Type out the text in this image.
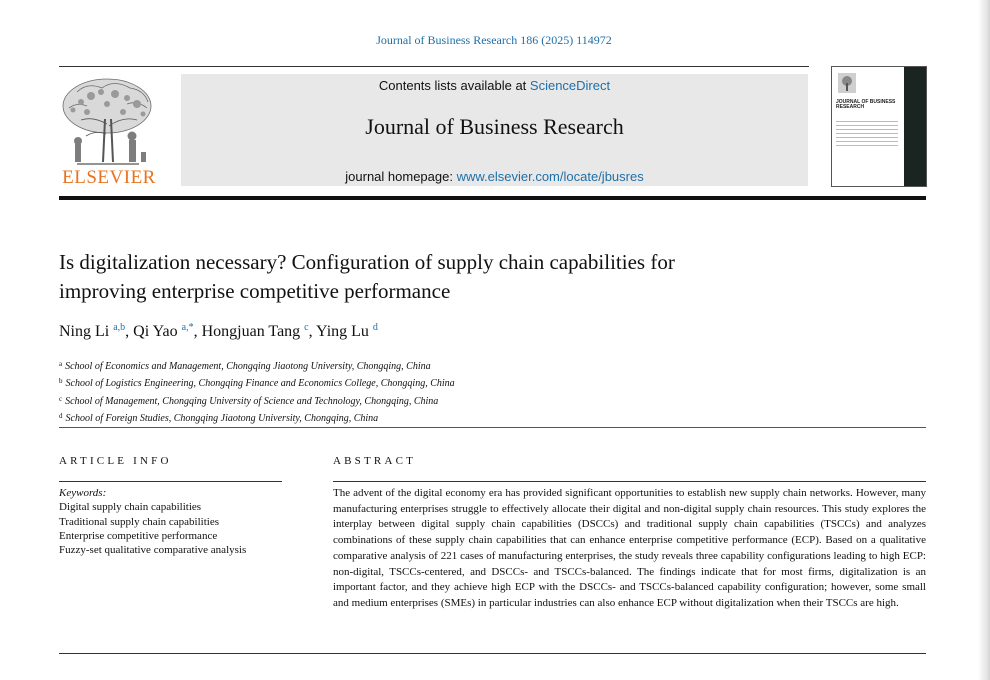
Journal of Business Research 186 (2025) 114972
ELSEVIER
Contents lists available at ScienceDirect
Journal of Business Research
journal homepage: www.elsevier.com/locate/jbusres
JOURNAL OF BUSINESS RESEARCH
Is digitalization necessary? Configuration of supply chain capabilities for
improving enterprise competitive performance
Ning Li $^{a,b}$, Qi Yao $^{a,*}$, Hongjuan Tang $^c$, Ying Lu $^d$
$^a$ School of Economics and Management, Chongqing Jiaotong University, Chongqing, China
$^b$ School of Logistics Engineering, Chongqing Finance and Economics College, Chongqing, China
$^c$ School of Management, Chongqing University of Science and Technology, Chongqing, China
$^d$ School of Foreign Studies, Chongqing Jiaotong University, Chongqing, China
ARTICLE INFO	ABSTRACT
Keywords:
Digital supply chain capabilities
Traditional supply chain capabilities
Enterprise competitive performance
Fuzzy-set qualitative comparative analysis
The advent of the digital economy era has provided significant opportunities to establish new supply chain networks. However, many manufacturing enterprises struggle to effectively allocate their digital and non-digital supply chain resources. This study explores the interplay between digital supply chain capabilities (DSCCs) and traditional supply chain capabilities (TSCCs) and analyzes combinations of these supply chain capabilities that can enhance enterprise competitive performance (ECP). Based on a qualitative comparative analysis of 221 cases of manufacturing enterprises, the study reveals three capability configurations leading to high ECP: non-digital, TSCCs-centered, and DSCCs- and TSCCs-balanced. The findings indicate that for most firms, digitalization is an important factor, and they achieve high ECP with the DSCCs- and TSCCs-balanced capability configuration; however, some small and medium enterprises (SMEs) in particular industries can also enhance ECP without digitalization when their TSCCs are high.
